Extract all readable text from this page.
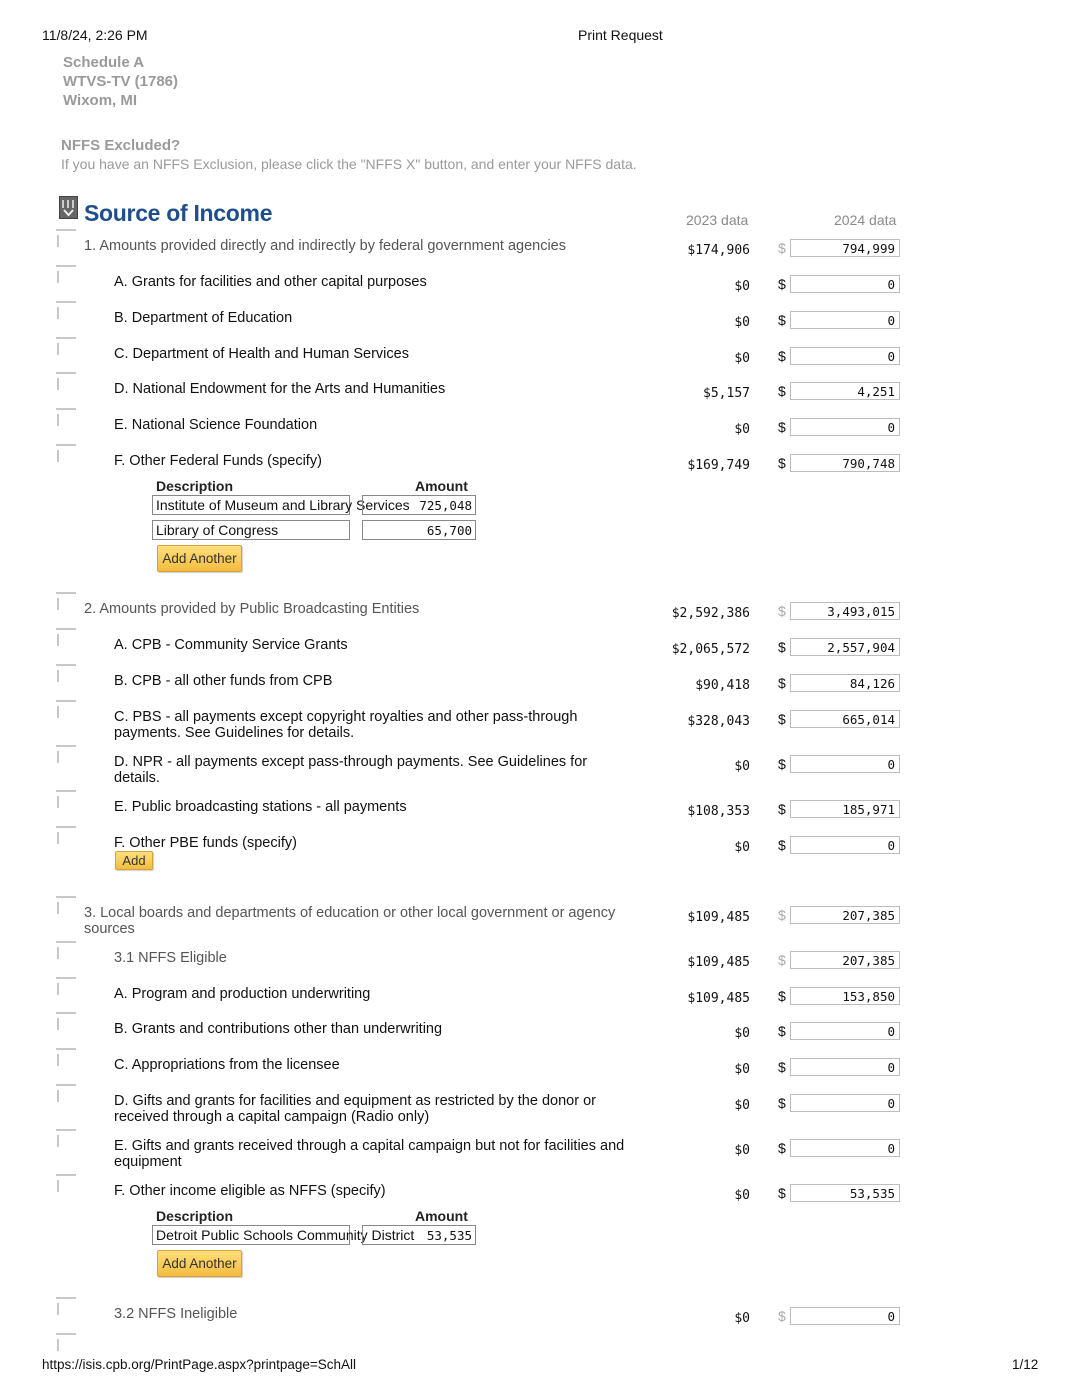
11/8/24, 2:26 PM	Print Request
Schedule A
WTVS-TV (1786)
Wixom, MI
NFFS Excluded?
If you have an NFFS Exclusion, please click the "NFFS X" button, and enter your NFFS data.
Source of Income	2023 data	2024 data
1. Amounts provided directly and indirectly by federal government agencies	$174,906 $	794,999
A. Grants for facilities and other capital purposes	$0 $	0
B. Department of Education	$0 $	0
C. Department of Health and Human Services	$0 $	0
D. National Endowment for the Arts and Humanities	$5,157 $	4,251
E. National Science Foundation	$0 $	0
F. Other Federal Funds (specify)	$169,749 $	790,748
2. Amounts provided by Public Broadcasting Entities	$2,592,386 $	3,493,015
A. CPB - Community Service Grants	$2,065,572 $	2,557,904
B. CPB - all other funds from CPB	$90,418 $	84,126
C. PBS - all payments except copyright royalties and other pass-through payments. See Guidelines for details.
$328,043 $	665,014
D. NPR - all payments except pass-through payments. See Guidelines for details.
$0 $	0
E. Public broadcasting stations - all payments	$108,353 $	185,971
F. Other PBE funds (specify)	$0 $	0
3. Local boards and departments of education or other local government or agency sources
$109,485 $	207,385
3.1 NFFS Eligible	$109,485 $	207,385
A. Program and production underwriting	$109,485 $	153,850
B. Grants and contributions other than underwriting	$0 $	0
C. Appropriations from the licensee	$0 $	0
D. Gifts and grants for facilities and equipment as restricted by the donor or received through a capital campaign (Radio only)
$0 $	0
E. Gifts and grants received through a capital campaign but not for facilities and equipment
$0 $	0
F. Other income eligible as NFFS (specify)	$0 $	53,535
3.2 NFFS Ineligible	$0 $	0
Description	Amount
Institute of Museum and Library Services 725,048
Library of Congress	65,700
Add Another
Add
Description	Amount
Detroit Public Schools Community District	53,535
Add Another
https://isis.cpb.org/PrintPage.aspx?printpage=SchAll	1/12
